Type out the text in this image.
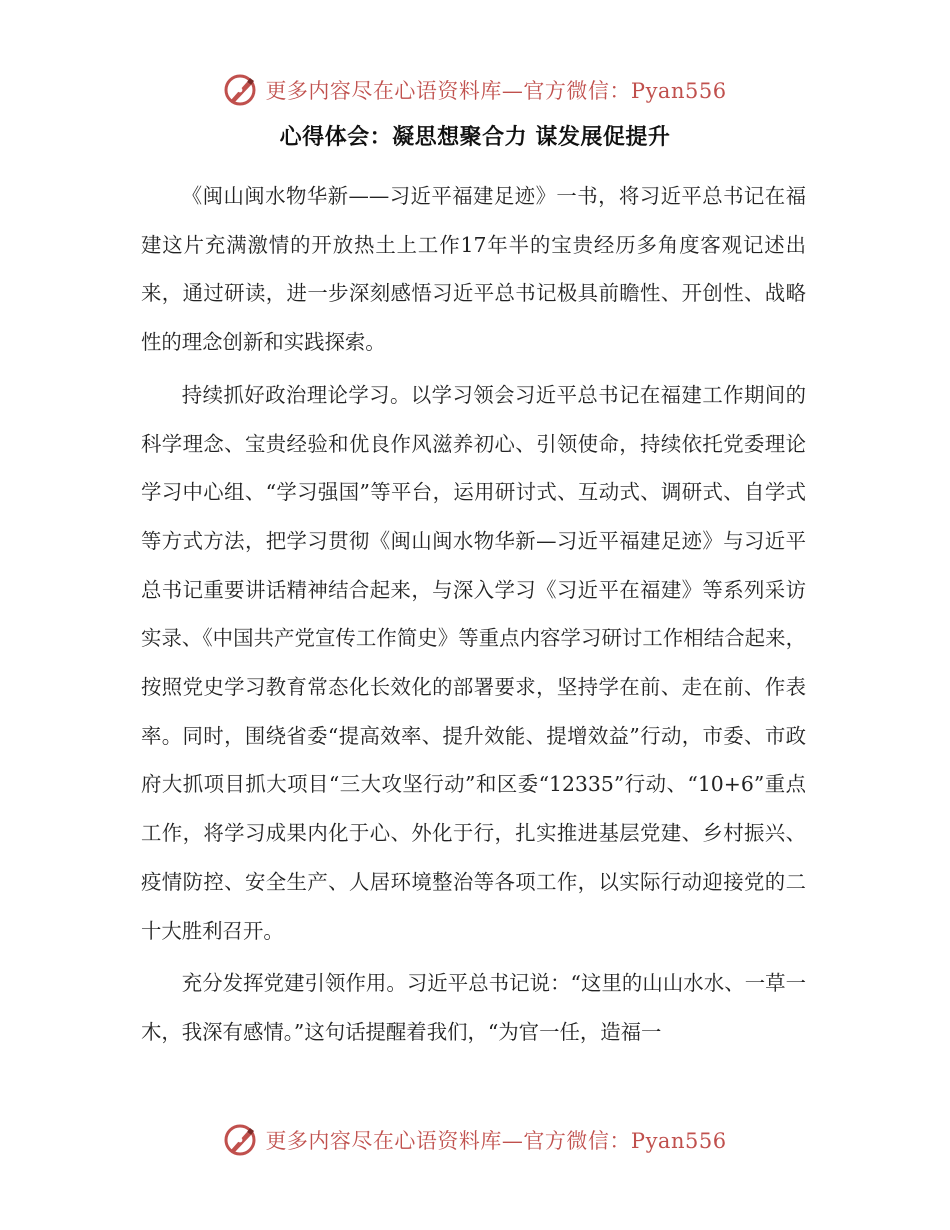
更多内容尽在心语资料库—官方微信：Pyan556
心得体会：凝思想聚合力 谋发展促提升

《闽山闽水物华新——习近平福建足迹》一书，将习近平总书记在福建这片充满激情的开放热土上工作17年半的宝贵经历多角度客观记述出来，通过研读，进一步深刻感悟习近平总书记极具前瞻性、开创性、战略性的理念创新和实践探索。

持续抓好政治理论学习。以学习领会习近平总书记在福建工作期间的科学理念、宝贵经验和优良作风滋养初心、引领使命，持续依托党委理论学习中心组、“学习强国”等平台，运用研讨式、互动式、调研式、自学式等方式方法，把学习贯彻《闽山闽水物华新—习近平福建足迹》与习近平总书记重要讲话精神结合起来，与深入学习《习近平在福建》等系列采访实录、《中国共产党宣传工作简史》等重点内容学习研讨工作相结合起来，按照党史学习教育常态化长效化的部署要求，坚持学在前、走在前、作表率。同时，围绕省委“提高效率、提升效能、提增效益”行动，市委、市政府大抓项目抓大项目“三大攻坚行动”和区委“12335”行动、“10+6”重点工作，将学习成果内化于心、外化于行，扎实推进基层党建、乡村振兴、疫情防控、安全生产、人居环境整治等各项工作，以实际行动迎接党的二十大胜利召开。

充分发挥党建引领作用。习近平总书记说：“这里的山山水水、一草一木，我深有感情。”这句话提醒着我们，“为官一任，造福一

更多内容尽在心语资料库—官方微信：Pyan556
